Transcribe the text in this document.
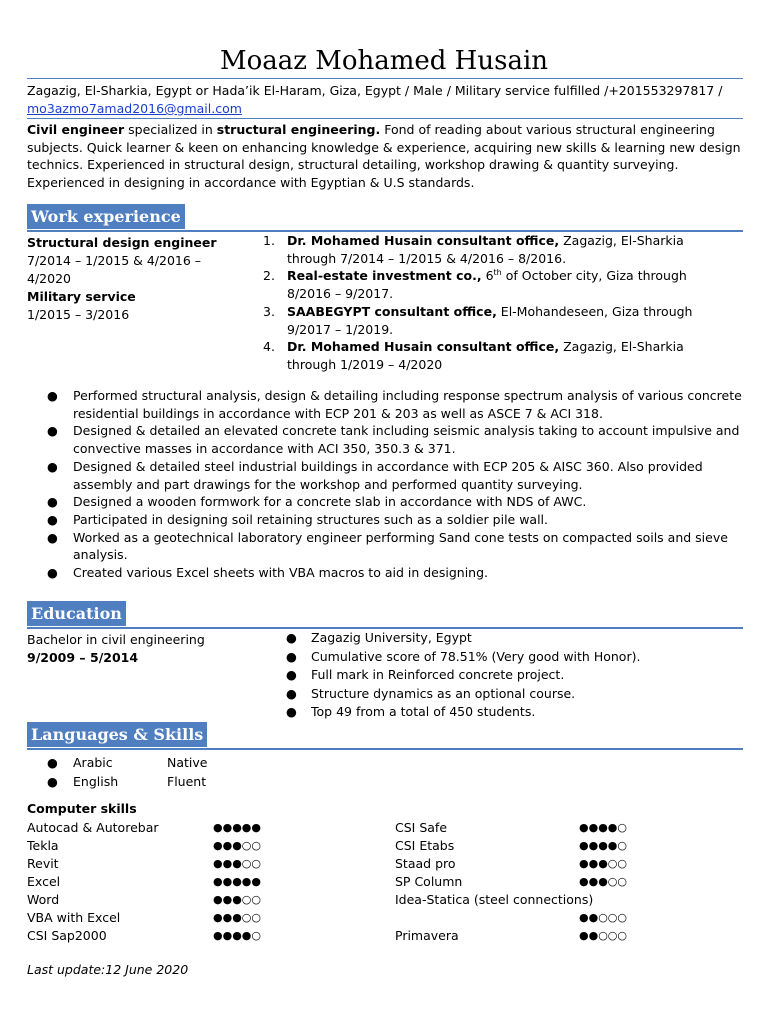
Moaaz Mohamed Husain
Zagazig, El-Sharkia, Egypt or Hada’ik El-Haram, Giza, Egypt / Male / Military service fulfilled /+201553297817 /
mo3azmo7amad2016@gmail.com
Civil engineer specialized in structural engineering. Fond of reading about various structural engineering subjects. Quick learner & keen on enhancing knowledge & experience, acquiring new skills & learning new design technics. Experienced in structural design, structural detailing, workshop drawing & quantity surveying. Experienced in designing in accordance with Egyptian & U.S standards.
Work experience
Structural design engineer
7/2014 – 1/2015 & 4/2016 –
4/2020
Military service
1/2015 – 3/2016
1. Dr. Mohamed Husain consultant office, Zagazig, El-Sharkia through 7/2014 – 1/2015 & 4/2016 – 8/2016.
2. Real-estate investment co., 6th of October city, Giza through 8/2016 – 9/2017.
3. SAABEGYPT consultant office, El-Mohandeseen, Giza through 9/2017 – 1/2019.
4. Dr. Mohamed Husain consultant office, Zagazig, El-Sharkia through 1/2019 – 4/2020
● Performed structural analysis, design & detailing including response spectrum analysis of various concrete residential buildings in accordance with ECP 201 & 203 as well as ASCE 7 & ACI 318.
● Designed & detailed an elevated concrete tank including seismic analysis taking to account impulsive and convective masses in accordance with ACI 350, 350.3 & 371.
● Designed & detailed steel industrial buildings in accordance with ECP 205 & AISC 360. Also provided assembly and part drawings for the workshop and performed quantity surveying.
● Designed a wooden formwork for a concrete slab in accordance with NDS of AWC.
● Participated in designing soil retaining structures such as a soldier pile wall.
● Worked as a geotechnical laboratory engineer performing Sand cone tests on compacted soils and sieve analysis.
● Created various Excel sheets with VBA macros to aid in designing.
Education
Bachelor in civil engineering
9/2009 – 5/2014
● Zagazig University, Egypt
● Cumulative score of 78.51% (Very good with Honor).
● Full mark in Reinforced concrete project.
● Structure dynamics as an optional course.
● Top 49 from a total of 450 students.
Languages & Skills
● Arabic	Native
● English	Fluent
Computer skills
Autocad & Autorebar	●●●●●
Tekla	●●●○○
Revit	●●●○○
Excel	●●●●●
Word	●●●○○
VBA with Excel	●●●○○
CSI Sap2000	●●●●○
CSI Safe	●●●●○
CSI Etabs	●●●●○
Staad pro	●●●○○
SP Column	●●●○○
Idea-Statica (steel connections)
●●○○○
Primavera	●●○○○
Last update:12 June 2020
